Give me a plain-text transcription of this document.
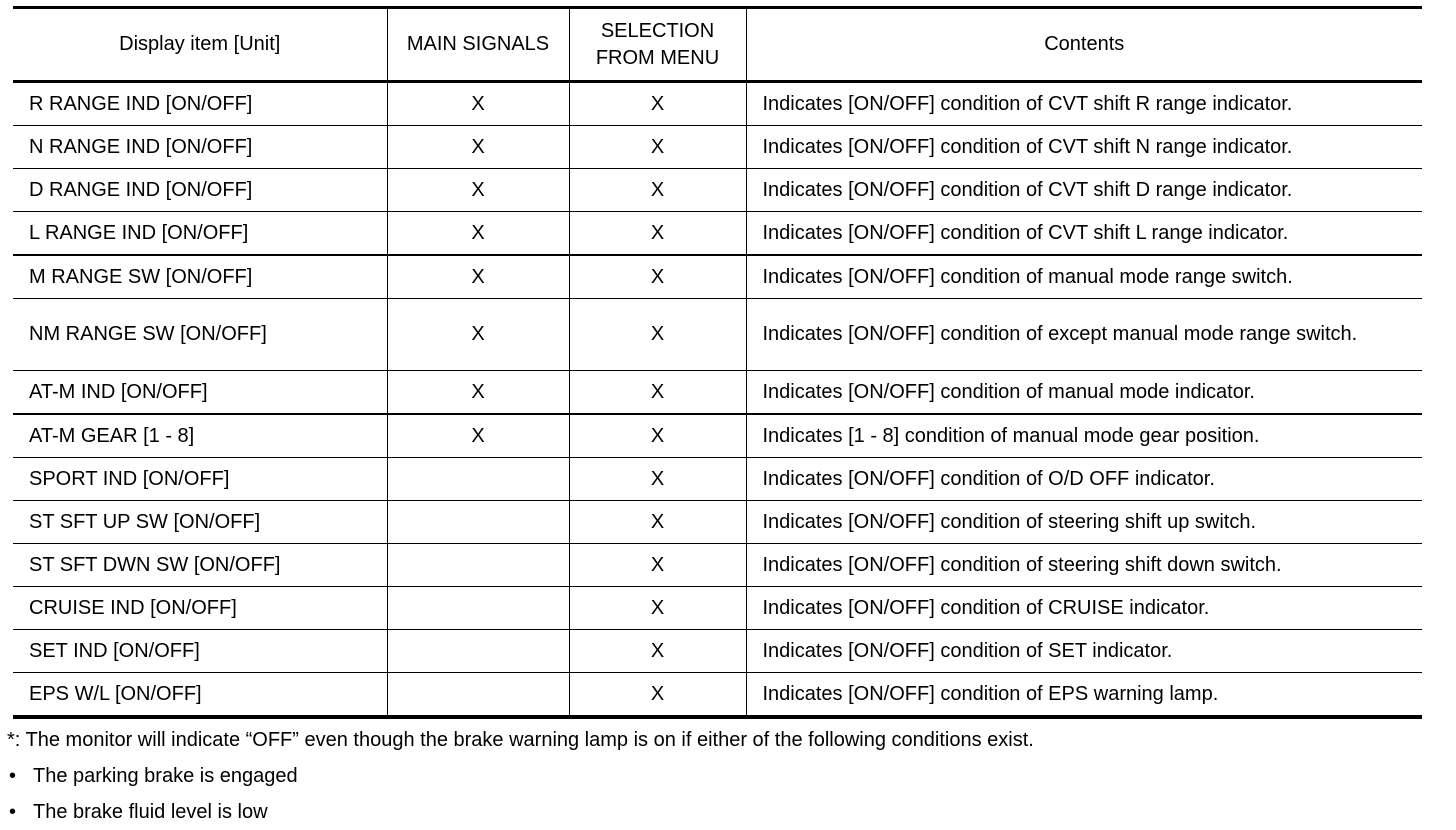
Display item [Unit]	MAIN SIGNALS	SELECTION FROM MENU	Contents
R RANGE IND [ON/OFF]	X	X	Indicates [ON/OFF] condition of CVT shift R range indicator.
N RANGE IND [ON/OFF]	X	X	Indicates [ON/OFF] condition of CVT shift N range indicator.
D RANGE IND [ON/OFF]	X	X	Indicates [ON/OFF] condition of CVT shift D range indicator.
L RANGE IND [ON/OFF]	X	X	Indicates [ON/OFF] condition of CVT shift L range indicator.
M RANGE SW [ON/OFF]	X	X	Indicates [ON/OFF] condition of manual mode range switch.
NM RANGE SW [ON/OFF]	X	X	Indicates [ON/OFF] condition of except manual mode range switch.
AT-M IND [ON/OFF]	X	X	Indicates [ON/OFF] condition of manual mode indicator.
AT-M GEAR [1 - 8]	X	X	Indicates [1 - 8] condition of manual mode gear position.
SPORT IND [ON/OFF]		X	Indicates [ON/OFF] condition of O/D OFF indicator.
ST SFT UP SW [ON/OFF]		X	Indicates [ON/OFF] condition of steering shift up switch.
ST SFT DWN SW [ON/OFF]		X	Indicates [ON/OFF] condition of steering shift down switch.
CRUISE IND [ON/OFF]		X	Indicates [ON/OFF] condition of CRUISE indicator.
SET IND [ON/OFF]		X	Indicates [ON/OFF] condition of SET indicator.
EPS W/L [ON/OFF]		X	Indicates [ON/OFF] condition of EPS warning lamp.
*: The monitor will indicate “OFF” even though the brake warning lamp is on if either of the following conditions exist.
• The parking brake is engaged
• The brake fluid level is low
